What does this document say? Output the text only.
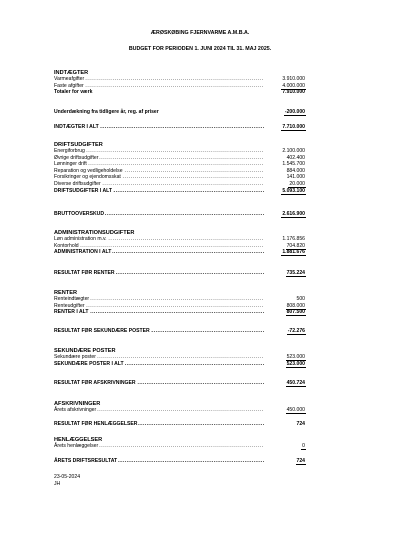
ÆRØSKØBING FJERNVARME A.M.B.A.
BUDGET FOR PERIODEN 1. JUNI 2024 TIL 31. MAJ 2025.
INDTÆGTER
.....
Varmeafgifter	3.910.000
.....
Faste afgifter	4.000.000
Totaler for værk	7.910.000
Underdækning fra tidligere år, reg. af priser	-200.000
.....
INDTÆGTER I ALT	7.710.000
DRIFTSUDGIFTER
.....
Energiforbrug	2.100.000
.....
Øvrige driftsudgifter	402.400
.....
Lønninger drift	1.545.700
.....
Reparation og vedligeholdelse	884.000
.....
Forsikringer og ejendomsskat	141.000
.....
Diverse driftsudgifter	20.000
.....
DRIFTSUDGIFTER I ALT	5.093.100
.....
BRUTTOOVERSKUD	2.616.900
ADMINISTRATIONSUDGIFTER
.....
Løn administration m.v.	1.176.856
.....
Kontorhold	704.820
.....
ADMINISTRATION I ALT	1.881.676
.....
RESULTAT FØR RENTER	735.224
RENTER
.....
Renteindtægter	500
.....
Renteudgifter	808.000
.....
RENTER I ALT	807.500
.....
RESULTAT FØR SEKUNDÆRE POSTER	-72.276
SEKUNDÆRE POSTER
.....
Sekundære poster	523.000
.....
SEKUNDÆRE POSTER I ALT	523.000
.....
RESULTAT FØR AFSKRIVNINGER	450.724
AFSKRIVNINGER
.....
Årets afskrivninger	450.000
.....
RESULTAT FØR HENLÆGGELSER	724
HENLÆGGELSER
.....
Årets henlæggelser	0
.....
ÅRETS DRIFTSRESULTAT	724
23-05-2024
JH
